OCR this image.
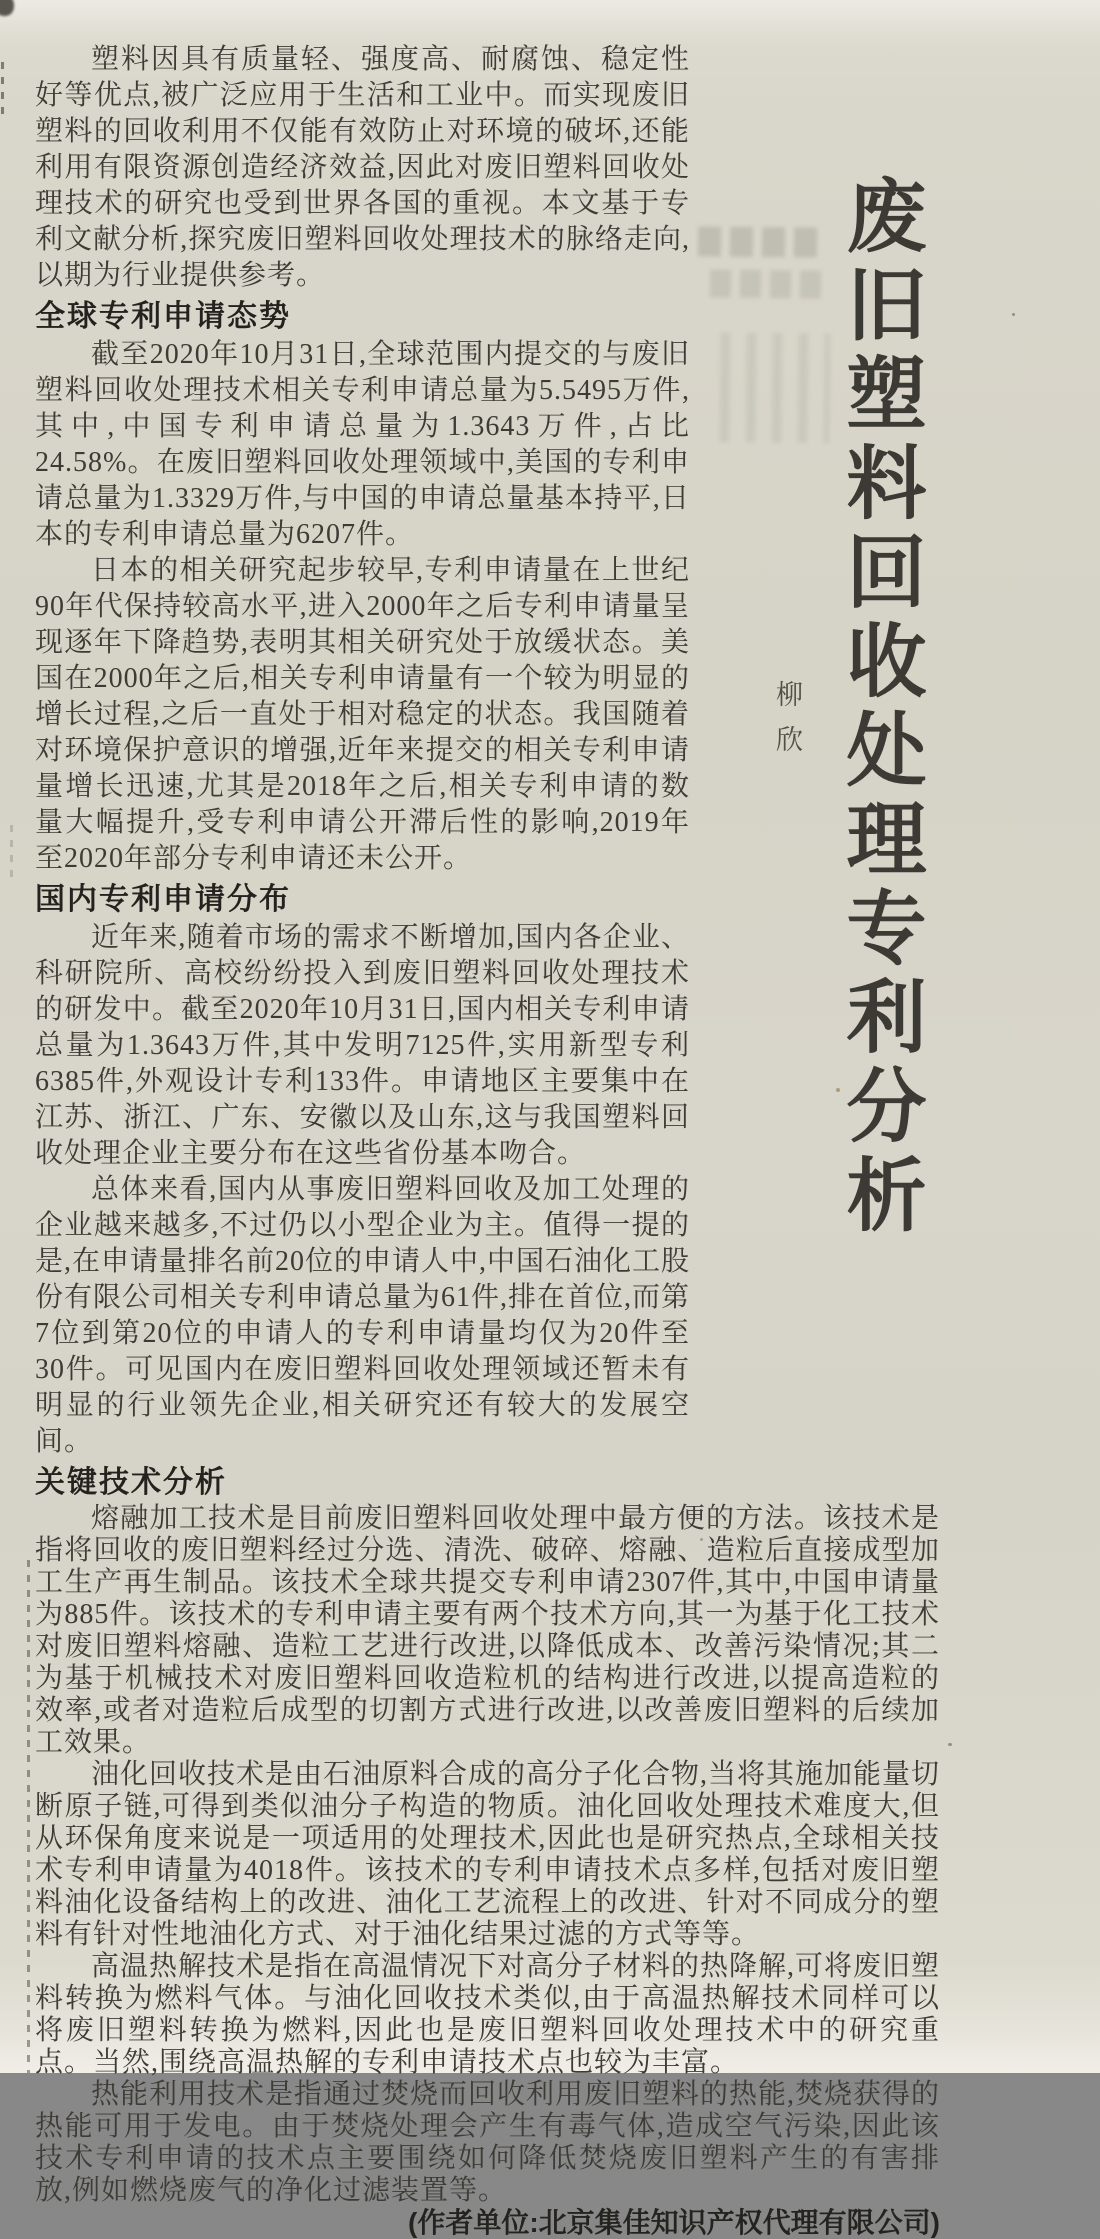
废旧塑料回收处理专利分析
柳欣

塑料因具有质量轻、强度高、耐腐蚀、稳定性好等优点,被广泛应用于生活和工业中。而实现废旧塑料的回收利用不仅能有效防止对环境的破坏,还能利用有限资源创造经济效益,因此对废旧塑料回收处理技术的研究也受到世界各国的重视。本文基于专利文献分析,探究废旧塑料回收处理技术的脉络走向,以期为行业提供参考。

全球专利申请态势

截至2020年10月31日,全球范围内提交的与废旧塑料回收处理技术相关专利申请总量为5.5495万件,其中,中国专利申请总量为1.3643万件,占比24.58%。在废旧塑料回收处理领域中,美国的专利申请总量为1.3329万件,与中国的申请总量基本持平,日本的专利申请总量为6207件。

日本的相关研究起步较早,专利申请量在上世纪90年代保持较高水平,进入2000年之后专利申请量呈现逐年下降趋势,表明其相关研究处于放缓状态。美国在2000年之后,相关专利申请量有一个较为明显的增长过程,之后一直处于相对稳定的状态。我国随着对环境保护意识的增强,近年来提交的相关专利申请量增长迅速,尤其是2018年之后,相关专利申请的数量大幅提升,受专利申请公开滞后性的影响,2019年至2020年部分专利申请还未公开。

国内专利申请分布

近年来,随着市场的需求不断增加,国内各企业、科研院所、高校纷纷投入到废旧塑料回收处理技术的研发中。截至2020年10月31日,国内相关专利申请总量为1.3643万件,其中发明7125件,实用新型专利6385件,外观设计专利133件。申请地区主要集中在江苏、浙江、广东、安徽以及山东,这与我国塑料回收处理企业主要分布在这些省份基本吻合。

总体来看,国内从事废旧塑料回收及加工处理的企业越来越多,不过仍以小型企业为主。值得一提的是,在申请量排名前20位的申请人中,中国石油化工股份有限公司相关专利申请总量为61件,排在首位,而第7位到第20位的申请人的专利申请量均仅为20件至30件。可见国内在废旧塑料回收处理领域还暂未有明显的行业领先企业,相关研究还有较大的发展空间。

关键技术分析

熔融加工技术是目前废旧塑料回收处理中最方便的方法。该技术是指将回收的废旧塑料经过分选、清洗、破碎、熔融、造粒后直接成型加工生产再生制品。该技术全球共提交专利申请2307件,其中,中国申请量为885件。该技术的专利申请主要有两个技术方向,其一为基于化工技术对废旧塑料熔融、造粒工艺进行改进,以降低成本、改善污染情况;其二为基于机械技术对废旧塑料回收造粒机的结构进行改进,以提高造粒的效率,或者对造粒后成型的切割方式进行改进,以改善废旧塑料的后续加工效果。

油化回收技术是由石油原料合成的高分子化合物,当将其施加能量切断原子链,可得到类似油分子构造的物质。油化回收处理技术难度大,但从环保角度来说是一项适用的处理技术,因此也是研究热点,全球相关技术专利申请量为4018件。该技术的专利申请技术点多样,包括对废旧塑料油化设备结构上的改进、油化工艺流程上的改进、针对不同成分的塑料有针对性地油化方式、对于油化结果过滤的方式等等。

高温热解技术是指在高温情况下对高分子材料的热降解,可将废旧塑料转换为燃料气体。与油化回收技术类似,由于高温热解技术同样可以将废旧塑料转换为燃料,因此也是废旧塑料回收处理技术中的研究重点。当然,围绕高温热解的专利申请技术点也较为丰富。

热能利用技术是指通过焚烧而回收利用废旧塑料的热能,焚烧获得的热能可用于发电。由于焚烧处理会产生有毒气体,造成空气污染,因此该技术专利申请的技术点主要围绕如何降低焚烧废旧塑料产生的有害排放,例如燃烧废气的净化过滤装置等。
(作者单位:北京集佳知识产权代理有限公司)
